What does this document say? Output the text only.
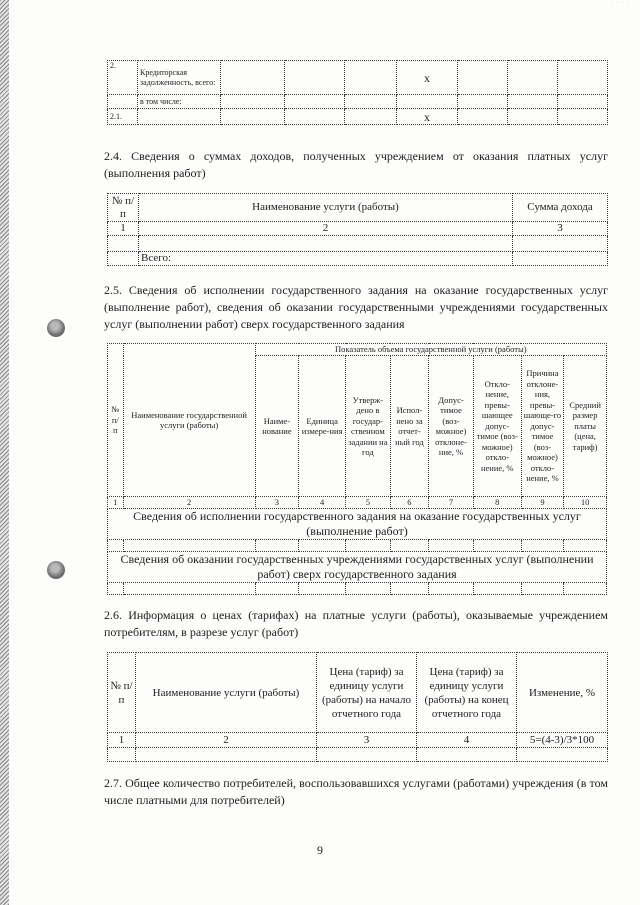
· · · · ·
2.	Кредиторская задолженность, всего:				х			
	в том числе:							
2.1.					х			
2.4. Сведения о суммах доходов, полученных учреждением от оказания платных услуг (выполнения работ)
№ п/п	Наименование услуги (работы)	Сумма дохода
1	2	3

	Всего:	
2.5. Сведения об исполнении государственного задания на оказание государственных услуг (выполнение работ), сведения об оказании государственными учреждениями государственных услуг (выполнении работ) сверх государственного задания
№ п/п	Наименование государственной услуги (работы)	Показатель объема государственной услуги (работы)							
		Наиме-нование	Единица измере-ния	Утверж-дено в государ-ственном задании на год	Испол-нено за отчет-ный год	Допус-тимое (воз-можное) отклоне-ние, %	Откло-нение, превы-шающее допус-тимое (воз-можное) откло-нение, %	Причина отклоне-ния, превы-шающе-го допус-тимое (воз-можное) откло-нение, %	Средний размер платы (цена, тариф)
1	2	3	4	5	6	7	8	9	10
Сведения об исполнении государственного задания на оказание государственных услуг (выполнение работ)									

Сведения об оказании государственных учреждениями государственных услуг (выполнении работ) сверх государственного задания									

2.6. Информация о ценах (тарифах) на платные услуги (работы), оказываемые учреждением потребителям, в разрезе услуг (работ)
№ п/п	Наименование услуги (работы)	Цена (тариф) за единицу услуги (работы) на начало отчетного года	Цена (тариф) за единицу услуги (работы) на конец отчетного года	Изменение, %
1	2	3	4	5=(4-3)/3*100

2.7. Общее количество потребителей, воспользовавшихся услугами (работами) учреждения (в том числе платными для потребителей)
9
